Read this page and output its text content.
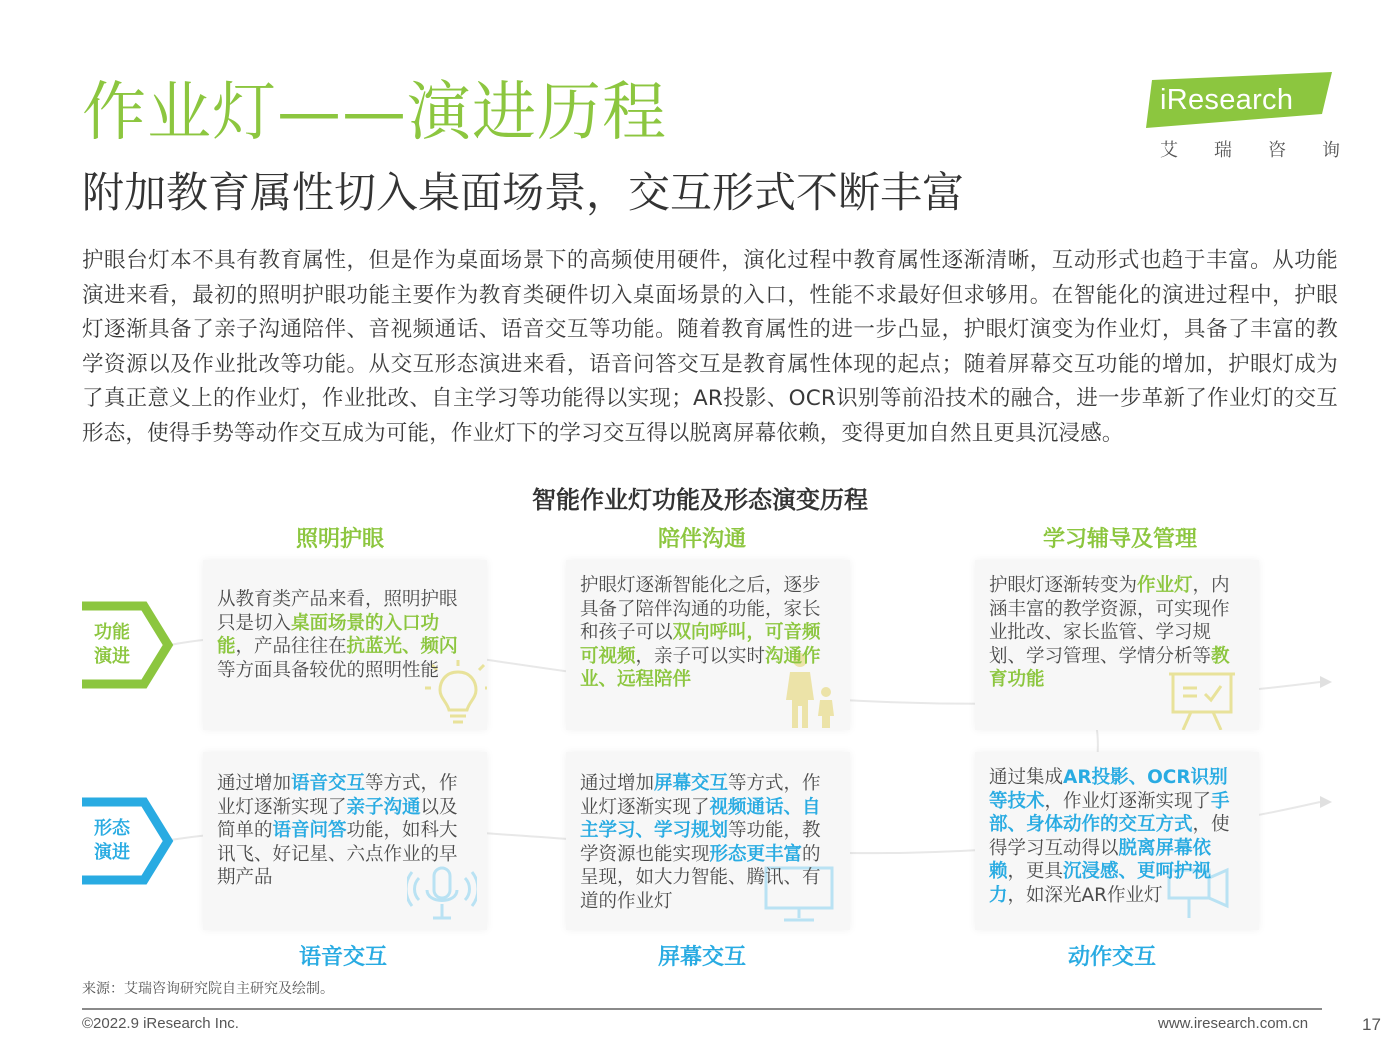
作业灯——演进历程
附加教育属性切入桌面场景，交互形式不断丰富
iResearch
艾 瑞 咨 询

护眼台灯本不具有教育属性，但是作为桌面场景下的高频使用硬件，演化过程中教育属性逐渐清晰，互动形式也趋于丰富。从功能演进来看，最初的照明护眼功能主要作为教育类硬件切入桌面场景的入口，性能不求最好但求够用。在智能化的演进过程中，护眼灯逐渐具备了亲子沟通陪伴、音视频通话、语音交互等功能。随着教育属性的进一步凸显，护眼灯演变为作业灯，具备了丰富的教学资源以及作业批改等功能。从交互形态演进来看，语音问答交互是教育属性体现的起点；随着屏幕交互功能的增加，护眼灯成为了真正意义上的作业灯，作业批改、自主学习等功能得以实现；AR投影、OCR识别等前沿技术的融合，进一步革新了作业灯的交互形态，使得手势等动作交互成为可能，作业灯下的学习交互得以脱离屏幕依赖，变得更加自然且更具沉浸感。

智能作业灯功能及形态演变历程
照明护眼	陪伴沟通	学习辅导及管理
功能
演进
形态
演进
从教育类产品来看，照明护眼只是切入桌面场景的入口功能，产品往往在抗蓝光、频闪等方面具备较优的照明性能
护眼灯逐渐智能化之后，逐步具备了陪伴沟通的功能，家长和孩子可以双向呼叫，可音频可视频，亲子可以实时沟通作业、远程陪伴
护眼灯逐渐转变为作业灯，内涵丰富的教学资源，可实现作业批改、家长监管、学习规划、学习管理、学情分析等教育功能
通过增加语音交互等方式，作业灯逐渐实现了亲子沟通以及简单的语音问答功能，如科大讯飞、好记星、六点作业的早期产品
通过增加屏幕交互等方式，作业灯逐渐实现了视频通话、自主学习、学习规划等功能，教学资源也能实现形态更丰富的呈现，如大力智能、腾讯、有道的作业灯
通过集成AR投影、OCR识别等技术，作业灯逐渐实现了手部、身体动作的交互方式，使得学习互动得以脱离屏幕依赖，更具沉浸感、更呵护视力，如深光AR作业灯
语音交互	屏幕交互	动作交互
来源：艾瑞咨询研究院自主研究及绘制。
©2022.9 iResearch Inc.	www.iresearch.com.cn	17
